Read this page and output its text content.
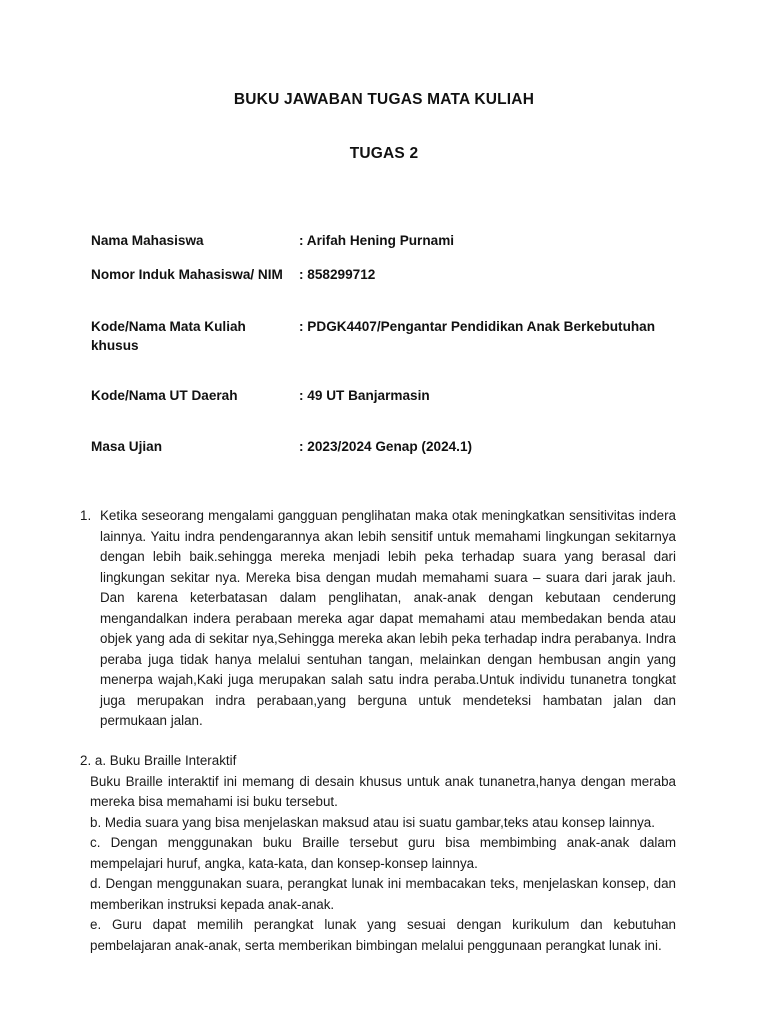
BUKU JAWABAN TUGAS MATA KULIAH
TUGAS 2
Nama Mahasiswa	: Arifah Hening Purnami
Nomor Induk Mahasiswa/ NIM : 858299712
Kode/Nama Mata Kuliah khusus
: PDGK4407/Pengantar Pendidikan Anak Berkebutuhan
Kode/Nama UT Daerah	: 49 UT Banjarmasin
Masa Ujian	: 2023/2024 Genap (2024.1)
1. Ketika seseorang mengalami gangguan penglihatan maka otak meningkatkan sensitivitas indera lainnya. Yaitu indra pendengarannya akan lebih sensitif untuk memahami lingkungan sekitarnya dengan lebih baik.sehingga mereka menjadi lebih peka terhadap suara yang berasal dari lingkungan sekitar nya. Mereka bisa dengan mudah memahami suara – suara dari jarak jauh. Dan karena keterbatasan dalam penglihatan, anak-anak dengan kebutaan cenderung mengandalkan indera perabaan mereka agar dapat memahami atau membedakan benda atau objek yang ada di sekitar nya,Sehingga mereka akan lebih peka terhadap indra perabanya. Indra peraba juga tidak hanya melalui sentuhan tangan, melainkan dengan hembusan angin yang menerpa wajah,Kaki juga merupakan salah satu indra peraba.Untuk individu tunanetra tongkat juga merupakan indra perabaan,yang berguna untuk mendeteksi hambatan jalan dan permukaan jalan.
2. a. Buku Braille Interaktif

Buku Braille interaktif ini memang di desain khusus untuk anak tunanetra,hanya dengan meraba mereka bisa memahami isi buku tersebut.

b. Media suara yang bisa menjelaskan maksud atau isi suatu gambar,teks atau konsep lainnya.

c. Dengan menggunakan buku Braille tersebut guru bisa membimbing anak-anak dalam mempelajari huruf, angka, kata-kata, dan konsep-konsep lainnya.

d. Dengan menggunakan suara, perangkat lunak ini membacakan teks, menjelaskan konsep, dan memberikan instruksi kepada anak-anak.

e. Guru dapat memilih perangkat lunak yang sesuai dengan kurikulum dan kebutuhan pembelajaran anak-anak, serta memberikan bimbingan melalui penggunaan perangkat lunak ini.
